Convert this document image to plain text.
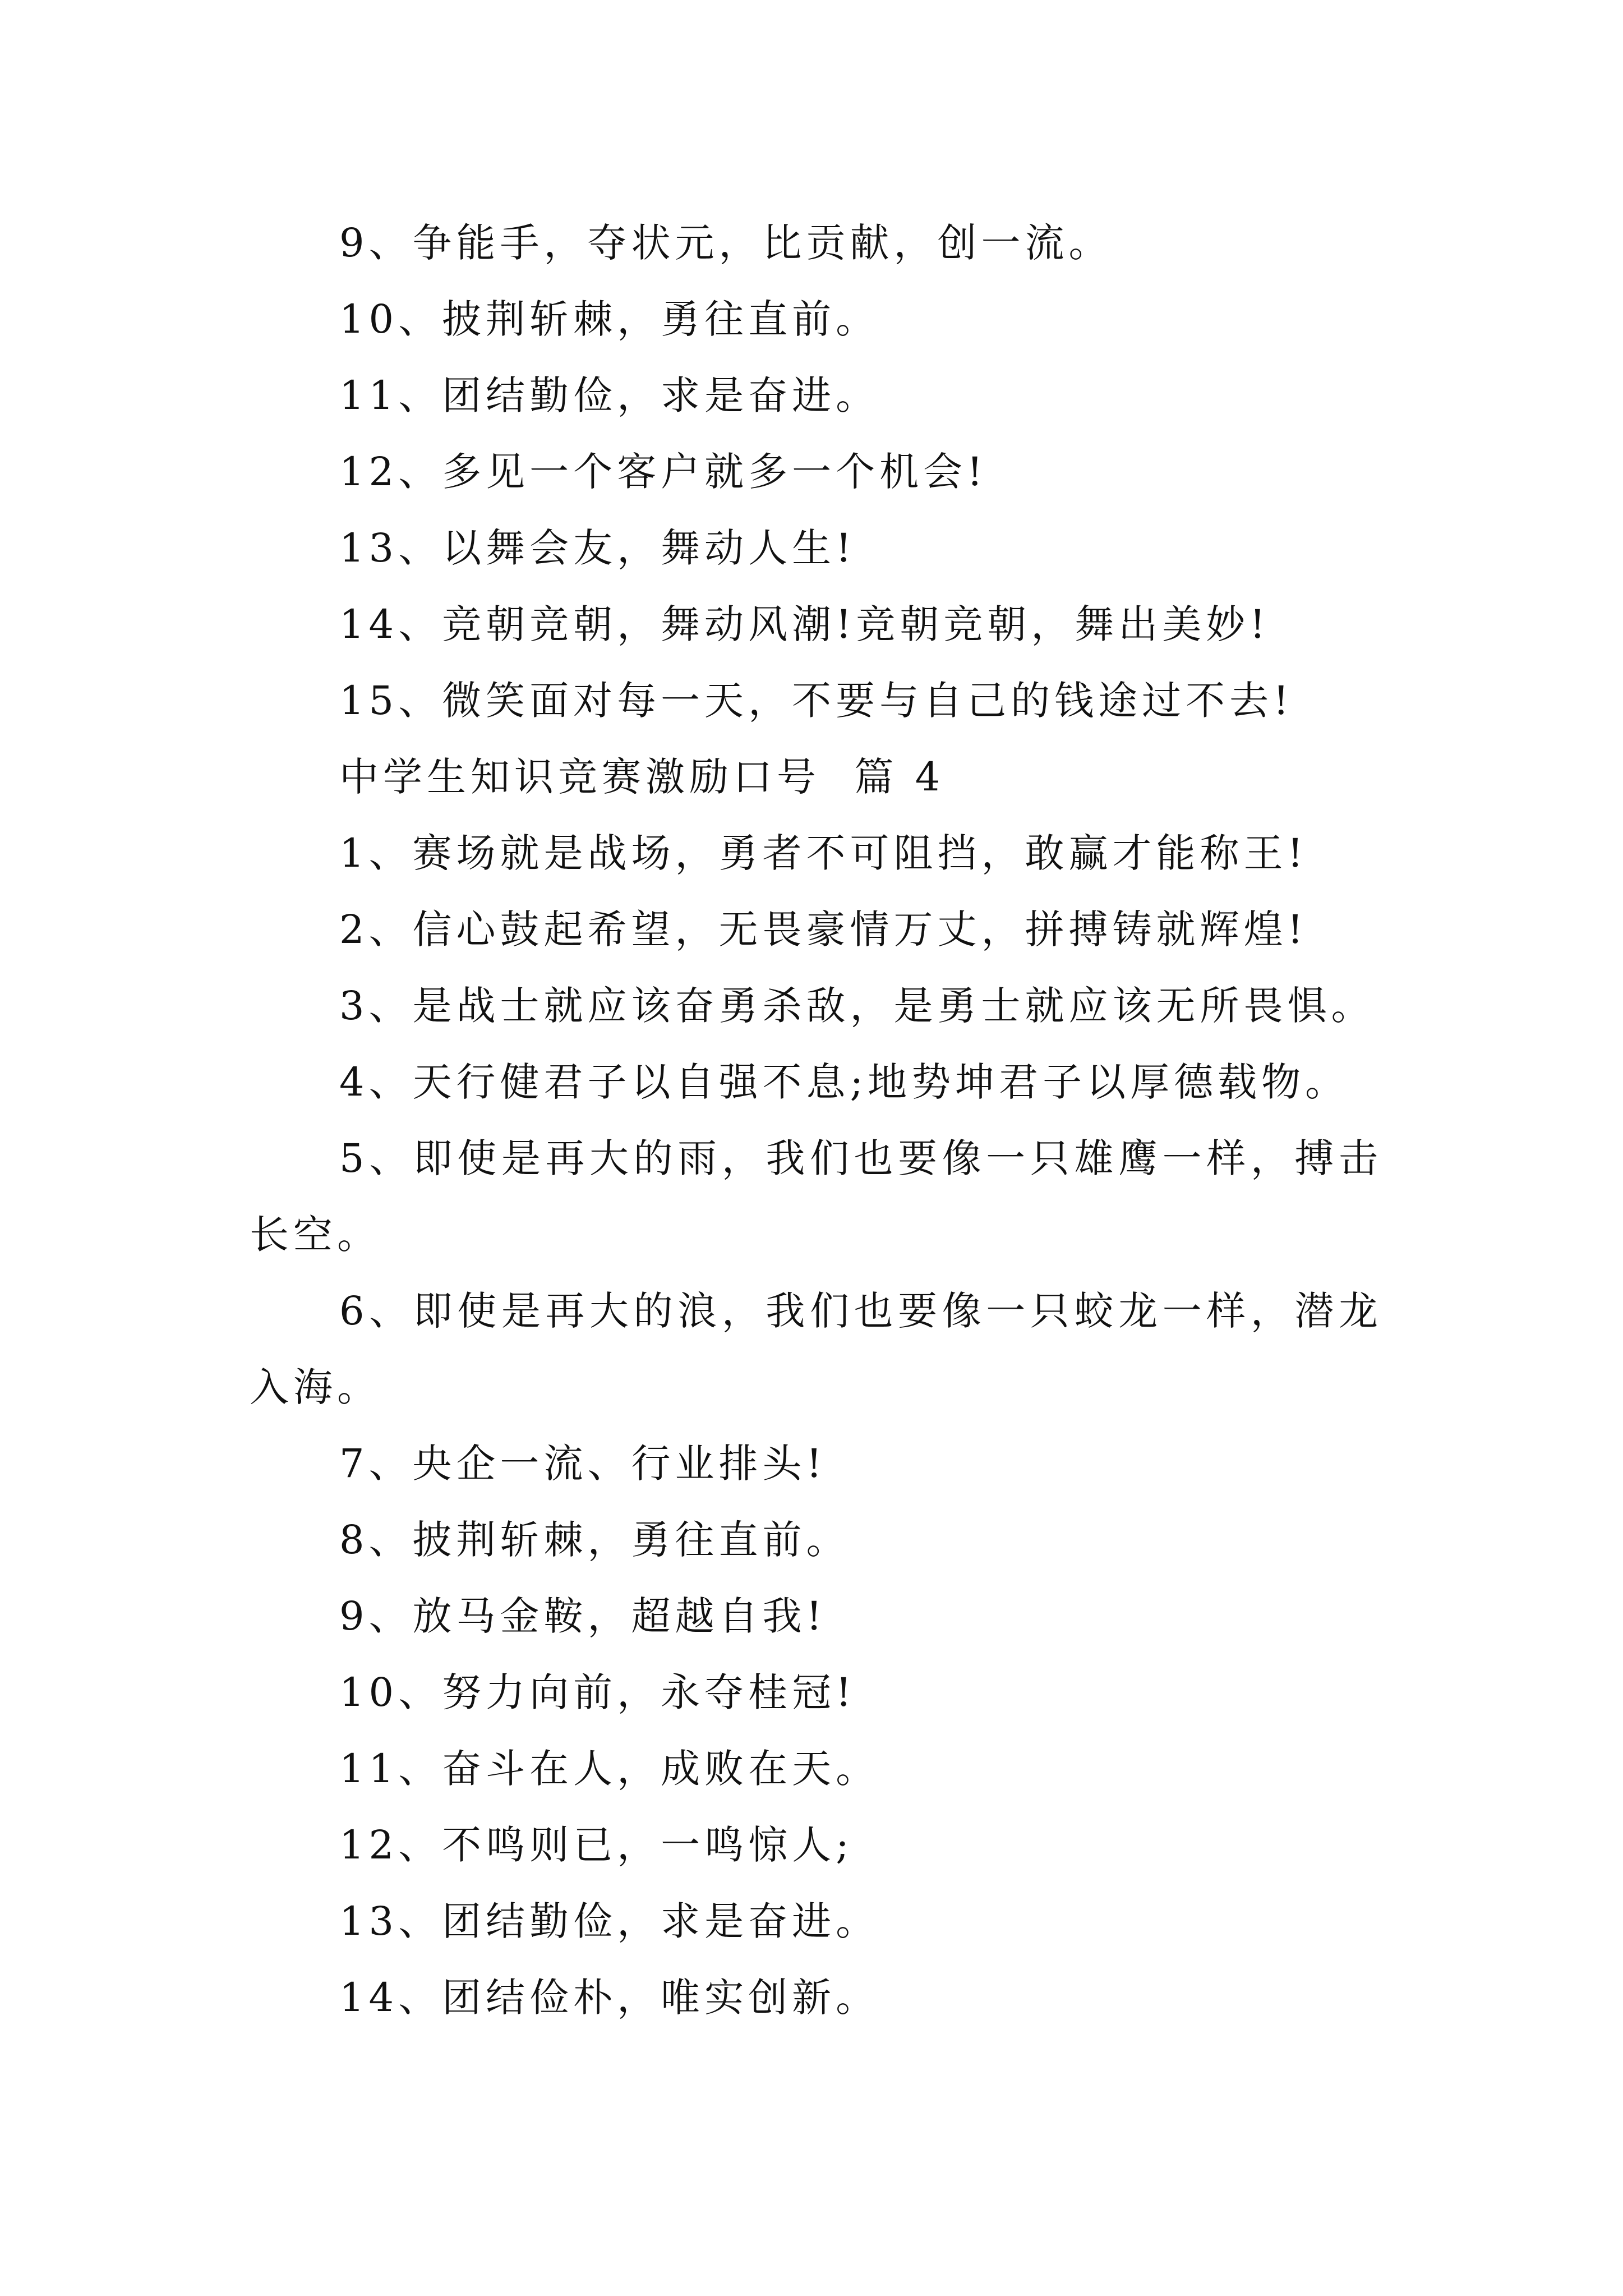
9、争能手，夺状元，比贡献，创一流。
10、披荆斩棘，勇往直前。
11、团结勤俭，求是奋进。
12、多见一个客户就多一个机会!
13、以舞会友，舞动人生!
14、竞朝竞朝，舞动风潮!竞朝竞朝，舞出美妙!
15、微笑面对每一天，不要与自己的钱途过不去!
中学生知识竞赛激励口号  篇 4
1、赛场就是战场，勇者不可阻挡，敢赢才能称王!
2、信心鼓起希望，无畏豪情万丈，拼搏铸就辉煌!
3、是战士就应该奋勇杀敌，是勇士就应该无所畏惧。
4、天行健君子以自强不息;地势坤君子以厚德载物。
5、即使是再大的雨，我们也要像一只雄鹰一样，搏击长空。
6、即使是再大的浪，我们也要像一只蛟龙一样，潜龙入海。
7、央企一流、行业排头!
8、披荆斩棘，勇往直前。
9、放马金鞍，超越自我!
10、努力向前，永夺桂冠!
11、奋斗在人，成败在天。
12、不鸣则已，一鸣惊人;
13、团结勤俭，求是奋进。
14、团结俭朴，唯实创新。
